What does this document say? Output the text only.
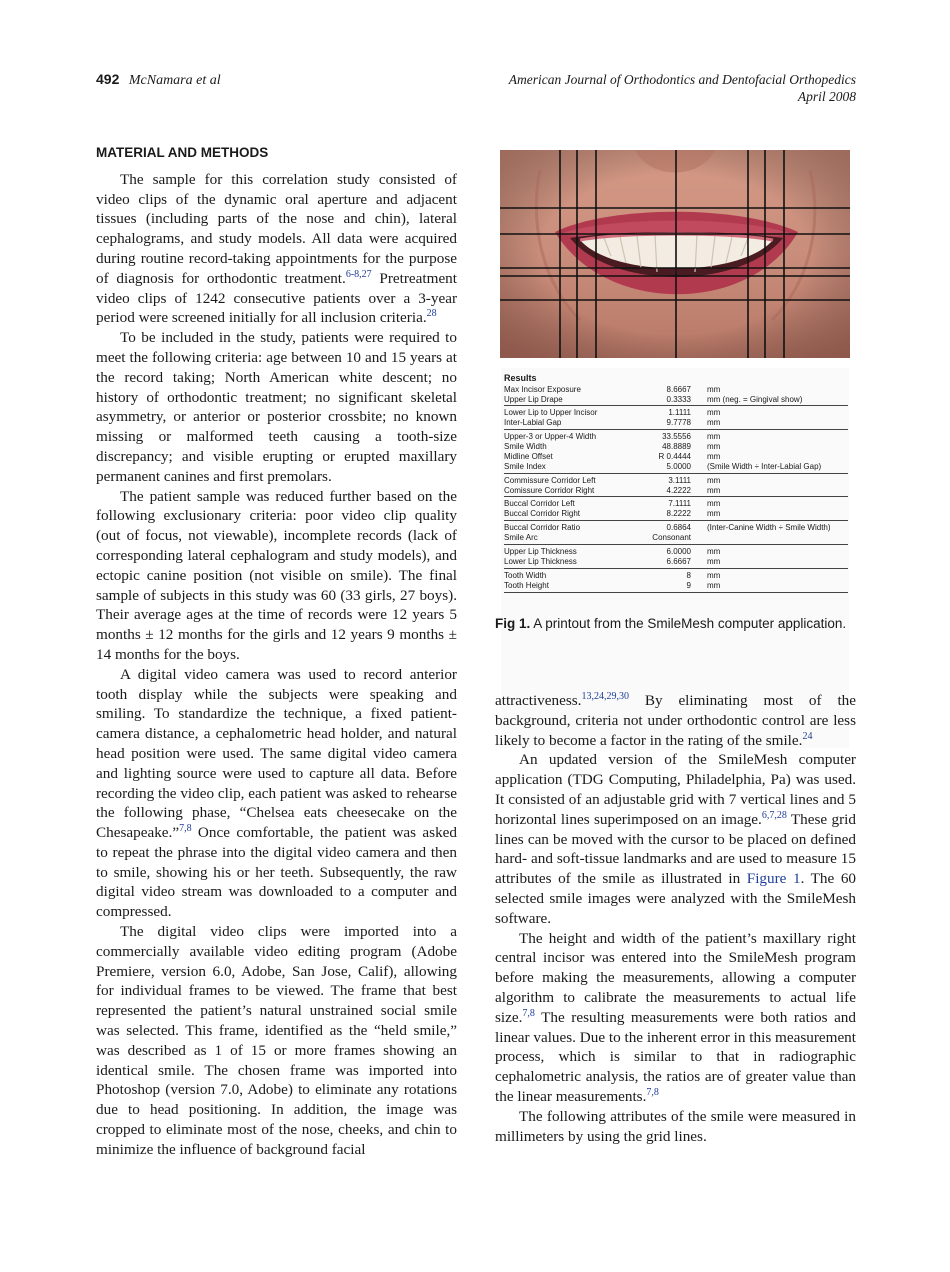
492 McNamara et al	American Journal of Orthodontics and Dentofacial Orthopedics
April 2008
MATERIAL AND METHODS

The sample for this correlation study consisted of video clips of the dynamic oral aperture and adjacent tissues (including parts of the nose and chin), lateral cephalograms, and study models. All data were acquired during routine record-taking appointments for the purpose of diagnosis for orthodontic treatment.$^{6-8,27}$ Pretreatment video clips of 1242 consecutive patients over a 3-year period were screened initially for all inclusion criteria.$^{28}$

To be included in the study, patients were required to meet the following criteria: age between 10 and 15 years at the record taking; North American white descent; no history of orthodontic treatment; no significant skeletal asymmetry, or anterior or posterior crossbite; no known missing or malformed teeth causing a tooth-size discrepancy; and visible erupting or erupted maxillary permanent canines and first premolars.

The patient sample was reduced further based on the following exclusionary criteria: poor video clip quality (out of focus, not viewable), incomplete records (lack of corresponding lateral cephalogram and study models), and ectopic canine position (not visible on smile). The final sample of subjects in this study was 60 (33 girls, 27 boys). Their average ages at the time of records were 12 years 5 months ± 12 months for the girls and 12 years 9 months ± 14 months for the boys.

A digital video camera was used to record anterior tooth display while the subjects were speaking and smiling. To standardize the technique, a fixed patient-camera distance, a cephalometric head holder, and natural head position were used. The same digital video camera and lighting source were used to capture all data. Before recording the video clip, each patient was asked to rehearse the following phase, “Chelsea eats cheesecake on the Chesapeake.”$^{7,8}$ Once comfortable, the patient was asked to repeat the phrase into the digital video camera and then to smile, showing his or her teeth. Subsequently, the raw digital video stream was downloaded to a computer and compressed.

The digital video clips were imported into a commercially available video editing program (Adobe Premiere, version 6.0, Adobe, San Jose, Calif), allowing for individual frames to be viewed. The frame that best represented the patient’s natural unstrained social smile was selected. This frame, identified as the “held smile,” was described as 1 of 15 or more frames showing an identical smile. The chosen frame was imported into Photoshop (version 7.0, Adobe) to eliminate any rotations due to head positioning. In addition, the image was cropped to eliminate most of the nose, cheeks, and chin to minimize the influence of background facial

Results
Max Incisor Exposure	8.6667 mm
Upper Lip Drape	0.3333 mm (neg. = Gingival show)
Lower Lip to Upper Incisor	1.1111 mm
Inter-Labial Gap	9.7778 mm
Upper-3 or Upper-4 Width	33.5556 mm
Smile Width	48.8889 mm
Midline Offset	R 0.4444 mm
Smile Index	5.0000 (Smile Width ÷ Inter-Labial Gap)
Commissure Corridor Left	3.1111 mm
Comissure Corridor Right	4.2222 mm
Buccal Corridor Left	7.1111 mm
Buccal Corridor Right	8.2222 mm
Buccal Corridor Ratio	0.6864 (Inter-Canine Width ÷ Smile Width)
Smile Arc	Consonant
Upper Lip Thickness	6.0000 mm
Lower Lip Thickness	6.6667 mm
Tooth Width	8 mm
Tooth Height	9 mm
Fig 1. A printout from the SmileMesh computer application.

attractiveness.$^{13,24,29,30}$ By eliminating most of the background, criteria not under orthodontic control are less likely to become a factor in the rating of the smile.$^{24}$

An updated version of the SmileMesh computer application (TDG Computing, Philadelphia, Pa) was used. It consisted of an adjustable grid with 7 vertical lines and 5 horizontal lines superimposed on an image.$^{6,7,28}$ These grid lines can be moved with the cursor to be placed on defined hard- and soft-tissue landmarks and are used to measure 15 attributes of the smile as illustrated in Figure 1. The 60 selected smile images were analyzed with the SmileMesh software.

The height and width of the patient’s maxillary right central incisor was entered into the SmileMesh program before making the measurements, allowing a computer algorithm to calibrate the measurements to actual life size.$^{7,8}$ The resulting measurements were both ratios and linear values. Due to the inherent error in this measurement process, which is similar to that in radiographic cephalometric analysis, the ratios are of greater value than the linear measurements.$^{7,8}$

The following attributes of the smile were measured in millimeters by using the grid lines.
